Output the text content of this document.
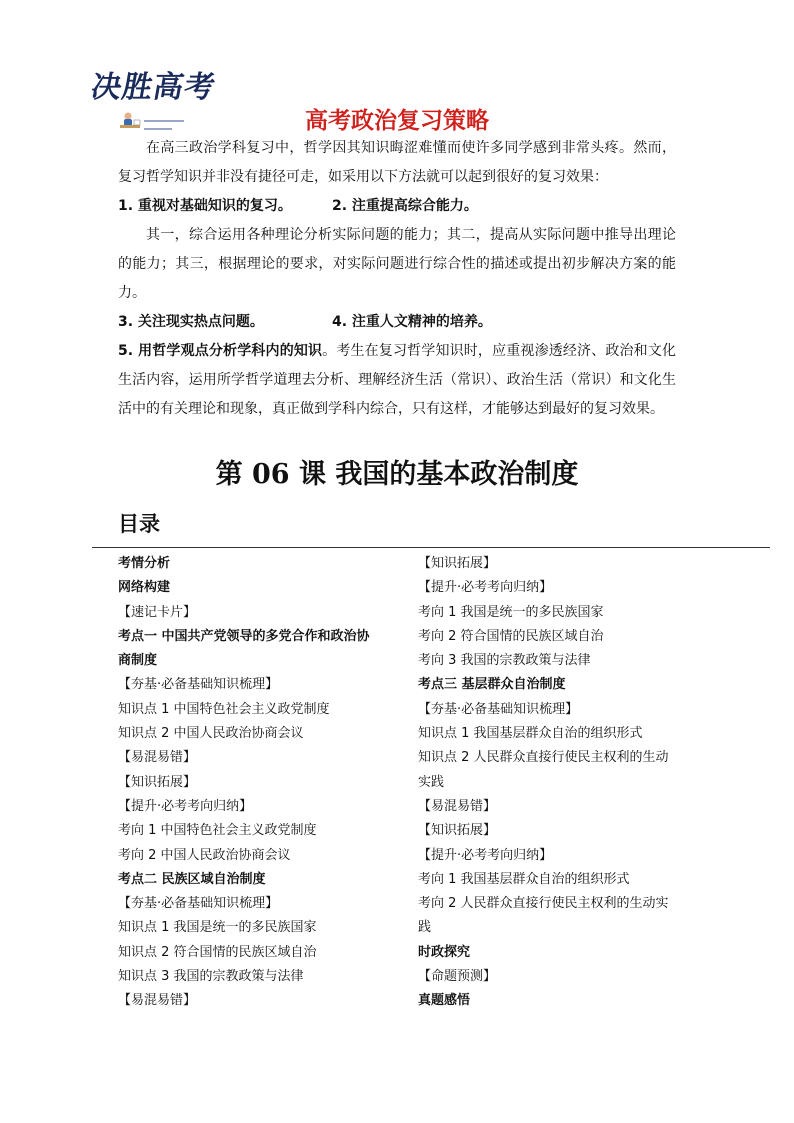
决胜高考
高考政治复习策略

在高三政治学科复习中，哲学因其知识晦涩难懂而使许多同学感到非常头疼。然而，复习哲学知识并非没有捷径可走，如采用以下方法就可以起到很好的复习效果：

1. 重视对基础知识的复习。	2. 注重提高综合能力。

其一，综合运用各种理论分析实际问题的能力；其二，提高从实际问题中推导出理论的能力；其三，根据理论的要求，对实际问题进行综合性的描述或提出初步解决方案的能力。

3. 关注现实热点问题。	4. 注重人文精神的培养。

5. 用哲学观点分析学科内的知识。考生在复习哲学知识时，应重视渗透经济、政治和文化生活内容，运用所学哲学道理去分析、理解经济生活（常识）、政治生活（常识）和文化生活中的有关理论和现象，真正做到学科内综合，只有这样，才能够达到最好的复习效果。

第 06 课 我国的基本政治制度
目录

考情分析

网络构建

【速记卡片】

考点一 中国共产党领导的多党合作和政治协商制度

【夯基·必备基础知识梳理】

知识点 1 中国特色社会主义政党制度

知识点 2 中国人民政治协商会议

【易混易错】

【知识拓展】

【提升·必考考向归纳】

考向 1 中国特色社会主义政党制度

考向 2 中国人民政治协商会议

考点二 民族区域自治制度

【夯基·必备基础知识梳理】

知识点 1 我国是统一的多民族国家

知识点 2 符合国情的民族区域自治

知识点 3 我国的宗教政策与法律

【易混易错】

【知识拓展】

【提升·必考考向归纳】

考向 1 我国是统一的多民族国家

考向 2 符合国情的民族区域自治

考向 3 我国的宗教政策与法律

考点三 基层群众自治制度

【夯基·必备基础知识梳理】

知识点 1 我国基层群众自治的组织形式

知识点 2 人民群众直接行使民主权利的生动实践

【易混易错】

【知识拓展】

【提升·必考考向归纳】

考向 1 我国基层群众自治的组织形式

考向 2 人民群众直接行使民主权利的生动实践

时政探究

【命题预测】

真题感悟
